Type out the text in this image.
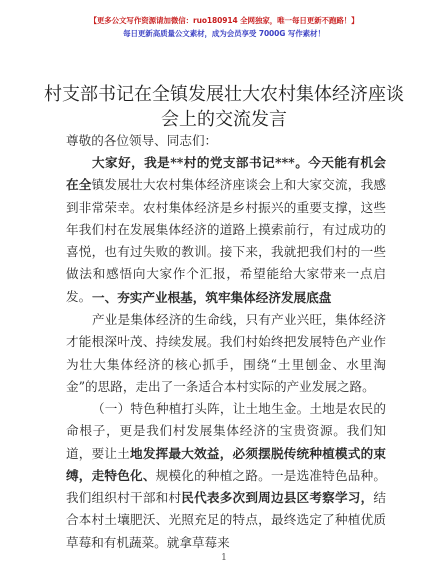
【更多公文写作资源请加微信：ruo180914 全网独家，唯一每日更新不跑路！】
每日更新高质量公文素材，成为会员享受 7000G 写作素材！
村支部书记在全镇发展壮大农村集体经济座谈会上的交流发言
尊敬的各位领导、同志们：
大家好，我是**村的党支部书记***。今天能有机会在全镇发展壮大农村集体经济座谈会上和大家交流，我感到非常荣幸。农村集体经济是乡村振兴的重要支撑，这些年我们村在发展集体经济的道路上摸索前行，有过成功的喜悦，也有过失败的教训。接下来，我就把我们村的一些做法和感悟向大家作个汇报，希望能给大家带来一点启发。 一、夯实产业根基，筑牢集体经济发展底盘
产业是集体经济的生命线，只有产业兴旺，集体经济才能根深叶茂、持续发展。我们村始终把发展特色产业作为壮大集体经济的核心抓手，围绕“土里刨金、水里淘金”的思路，走出了一条适合本村实际的产业发展之路。
（一）特色种植打头阵，让土地生金。土地是农民的命根子，更是我们村发展集体经济的宝贵资源。我们知道，要让土地发挥最大效益，必须摆脱传统种植模式的束缚，走特色化、规模化的种植之路。一是选准特色品种。我们组织村干部和村民代表多次到周边县区考察学习，结合本村土壤肥沃、光照充足的特点，最终选定了种植优质草莓和有机蔬菜。就拿草莓来
1
